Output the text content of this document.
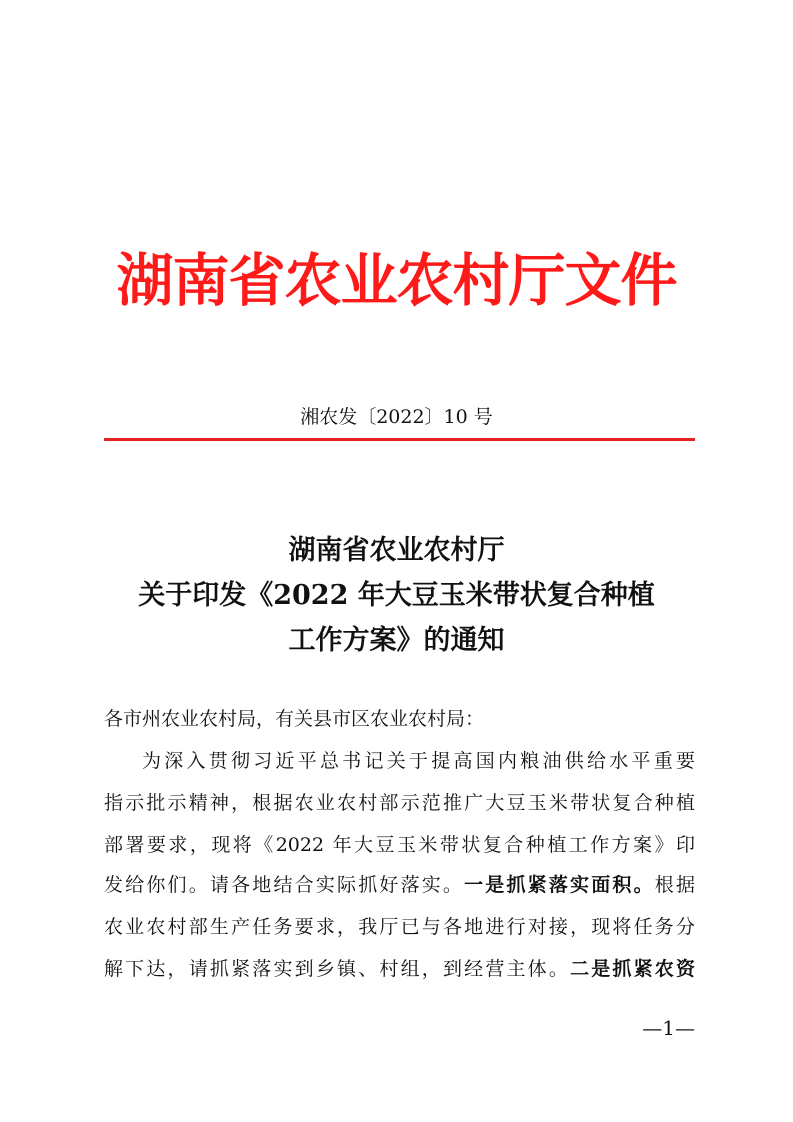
湖南省农业农村厅文件
湘农发〔2022〕10 号
湖南省农业农村厅
关于印发《2022 年大豆玉米带状复合种植
工作方案》的通知
各市州农业农村局，有关县市区农业农村局：
为深入贯彻习近平总书记关于提高国内粮油供给水平重要
指示批示精神，根据农业农村部示范推广大豆玉米带状复合种植
部署要求，现将《2022 年大豆玉米带状复合种植工作方案》印
发给你们。请各地结合实际抓好落实。一是抓紧落实面积。根据
农业农村部生产任务要求，我厅已与各地进行对接，现将任务分
解下达，请抓紧落实到乡镇、村组，到经营主体。二是抓紧农资
—1—
